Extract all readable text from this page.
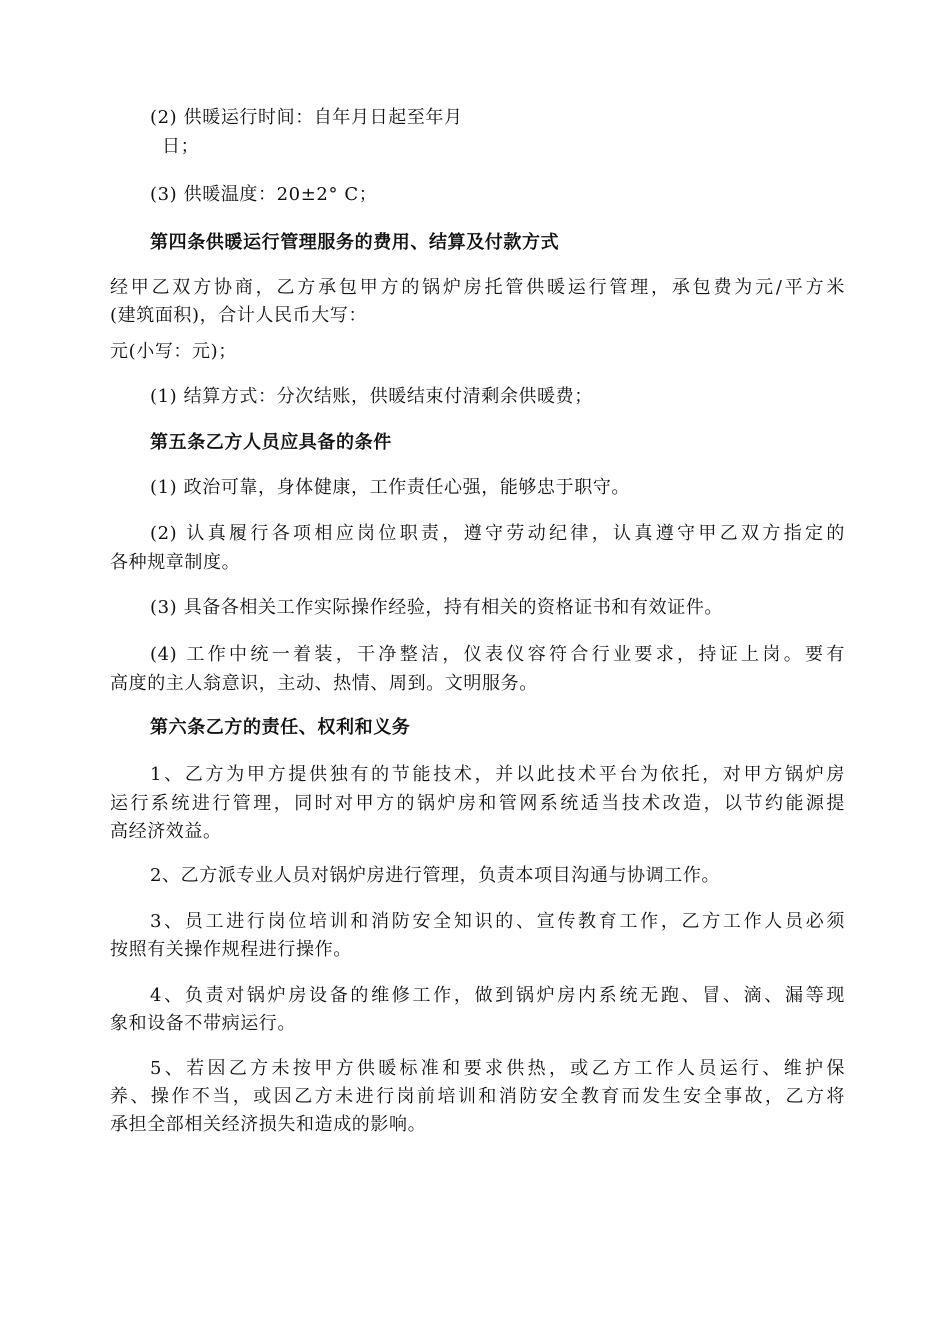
(2) 供暖运行时间：自年月日起至年月
日；
(3) 供暖温度：20±2° C；
第四条供暖运行管理服务的费用、结算及付款方式
经甲乙双方协商，乙方承包甲方的锅炉房托管供暖运行管理，承包费为元/平方米
(建筑面积)，合计人民币大写：
元(小写：元)；
(1) 结算方式：分次结账，供暖结束付清剩余供暖费；
第五条乙方人员应具备的条件
(1) 政治可靠，身体健康，工作责任心强，能够忠于职守。
(2) 认真履行各项相应岗位职责，遵守劳动纪律，认真遵守甲乙双方指定的
各种规章制度。
(3) 具备各相关工作实际操作经验，持有相关的资格证书和有效证件。
(4) 工作中统一着装，干净整洁，仪表仪容符合行业要求，持证上岗。要有
高度的主人翁意识，主动、热情、周到。文明服务。
第六条乙方的责任、权利和义务
1、乙方为甲方提供独有的节能技术，并以此技术平台为依托，对甲方锅炉房
运行系统进行管理，同时对甲方的锅炉房和管网系统适当技术改造，以节约能源提
高经济效益。
2、乙方派专业人员对锅炉房进行管理，负责本项目沟通与协调工作。
3、员工进行岗位培训和消防安全知识的、宣传教育工作，乙方工作人员必须
按照有关操作规程进行操作。
4、负责对锅炉房设备的维修工作，做到锅炉房内系统无跑、冒、滴、漏等现
象和设备不带病运行。
5、若因乙方未按甲方供暖标准和要求供热，或乙方工作人员运行、维护保
养、操作不当，或因乙方未进行岗前培训和消防安全教育而发生安全事故，乙方将
承担全部相关经济损失和造成的影响。
